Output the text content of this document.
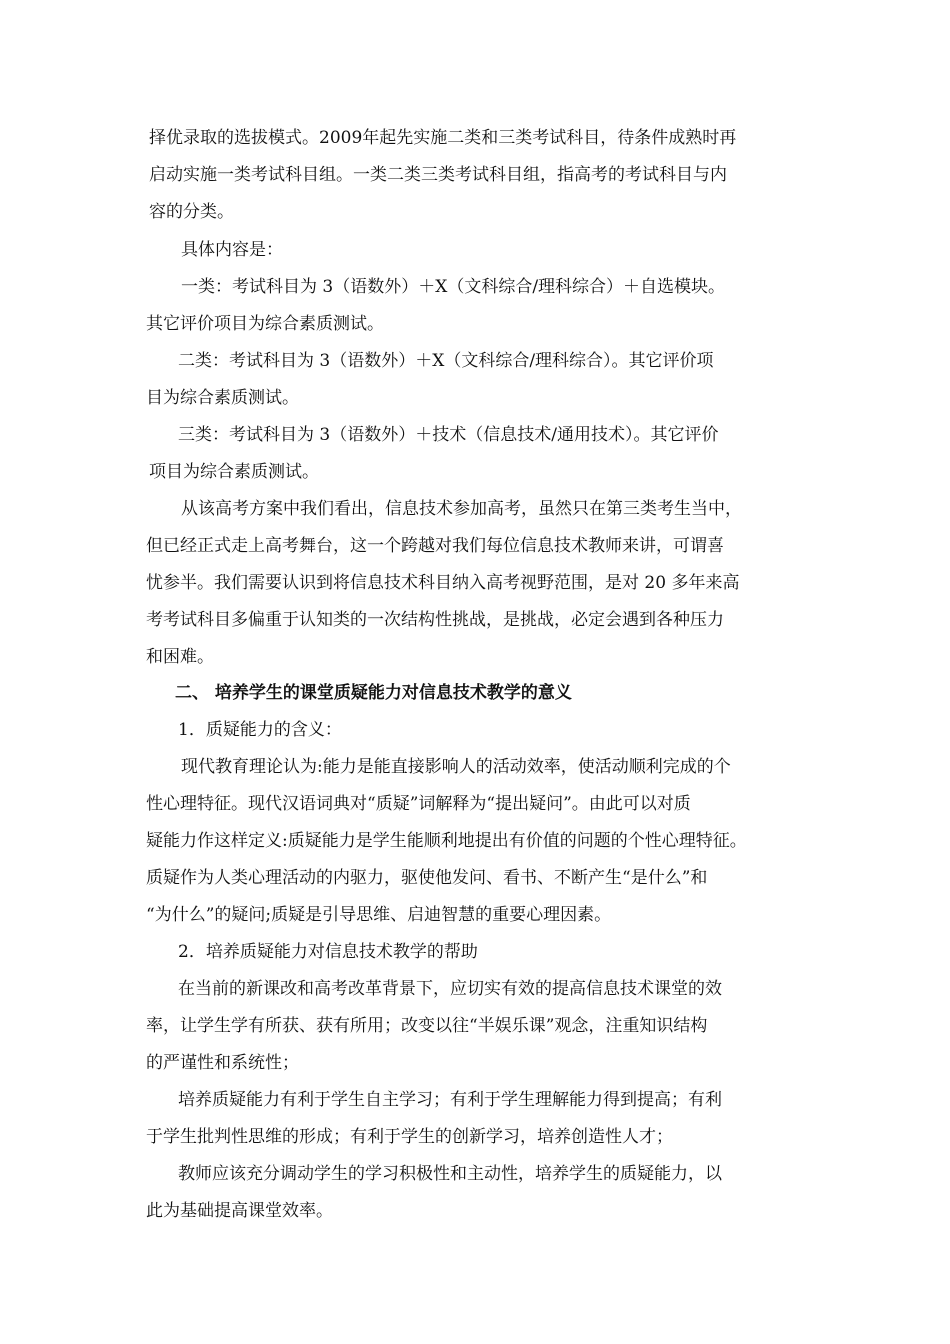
择优录取的选拔模式。2009年起先实施二类和三类考试科目，待条件成熟时再
启动实施一类考试科目组。一类二类三类考试科目组，指高考的考试科目与内
容的分类。
具体内容是：
一类：考试科目为 3（语数外）＋X（文科综合/理科综合）＋自选模块。
其它评价项目为综合素质测试。
二类：考试科目为 3（语数外）＋X（文科综合/理科综合）。其它评价项
目为综合素质测试。
三类：考试科目为 3（语数外）＋技术（信息技术/通用技术）。其它评价
项目为综合素质测试。
从该高考方案中我们看出，信息技术参加高考，虽然只在第三类考生当中，
但已经正式走上高考舞台，这一个跨越对我们每位信息技术教师来讲，可谓喜
忧参半。我们需要认识到将信息技术科目纳入高考视野范围，是对 20 多年来高
考考试科目多偏重于认知类的一次结构性挑战，是挑战，必定会遇到各种压力
和困难。
二、 培养学生的课堂质疑能力对信息技术教学的意义
1．质疑能力的含义：
现代教育理论认为:能力是能直接影响人的活动效率，使活动顺利完成的个
性心理特征。现代汉语词典对“质疑”词解释为“提出疑问”。由此可以对质
疑能力作这样定义:质疑能力是学生能顺利地提出有价值的问题的个性心理特征。
质疑作为人类心理活动的内驱力，驱使他发问、看书、不断产生“是什么”和
“为什么”的疑问;质疑是引导思维、启迪智慧的重要心理因素。
2．培养质疑能力对信息技术教学的帮助
在当前的新课改和高考改革背景下，应切实有效的提高信息技术课堂的效
率，让学生学有所获、获有所用；改变以往“半娱乐课”观念，注重知识结构
的严谨性和系统性；
培养质疑能力有利于学生自主学习；有利于学生理解能力得到提高；有利
于学生批判性思维的形成；有利于学生的创新学习，培养创造性人才；
教师应该充分调动学生的学习积极性和主动性，培养学生的质疑能力，以
此为基础提高课堂效率。
